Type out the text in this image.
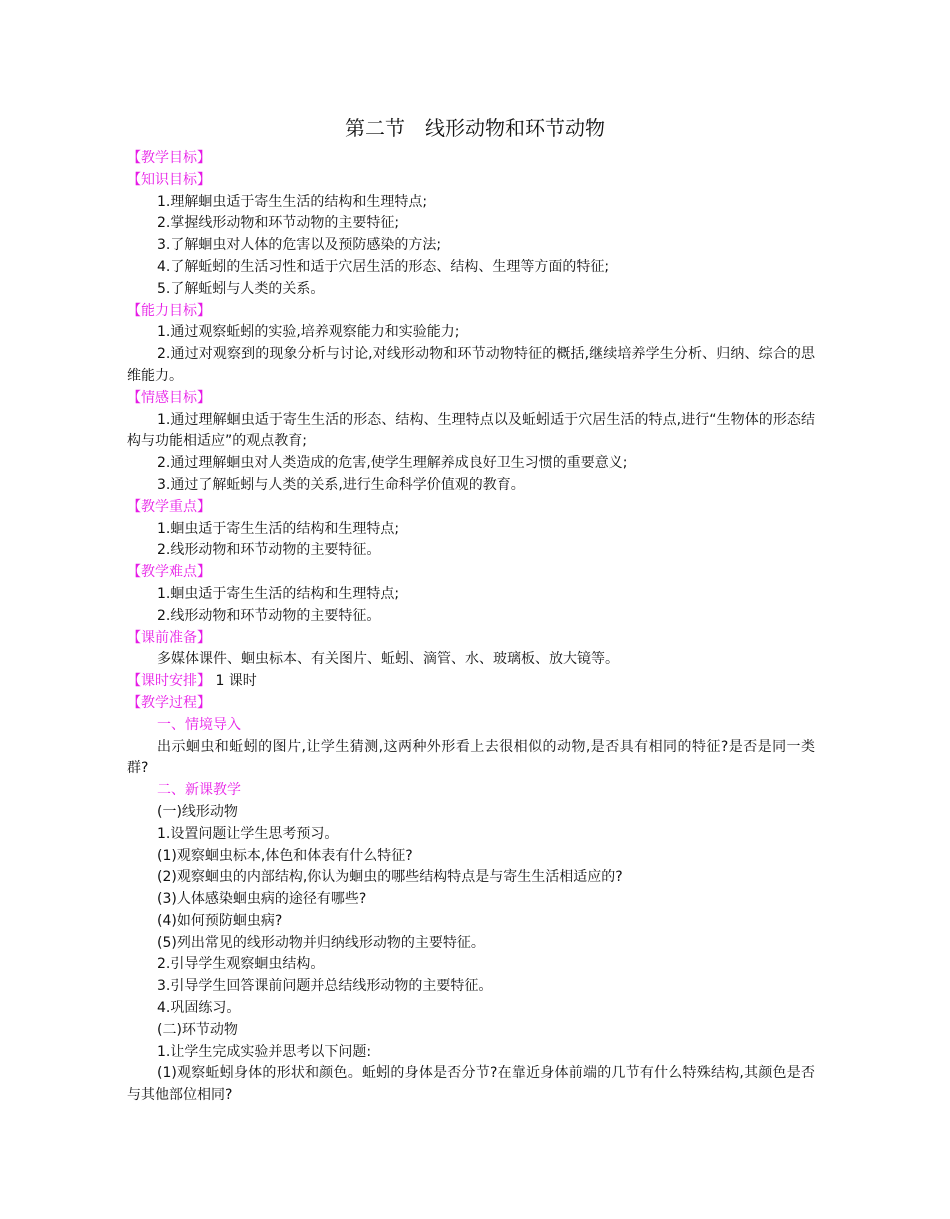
第二节　线形动物和环节动物

【教学目标】

【知识目标】

1.理解蛔虫适于寄生生活的结构和生理特点;

2.掌握线形动物和环节动物的主要特征;

3.了解蛔虫对人体的危害以及预防感染的方法;

4.了解蚯蚓的生活习性和适于穴居生活的形态、结构、生理等方面的特征;

5.了解蚯蚓与人类的关系。

【能力目标】

1.通过观察蚯蚓的实验,培养观察能力和实验能力;

2.通过对观察到的现象分析与讨论,对线形动物和环节动物特征的概括,继续培养学生分析、归纳、综合的思维能力。

【情感目标】

1.通过理解蛔虫适于寄生生活的形态、结构、生理特点以及蚯蚓适于穴居生活的特点,进行“生物体的形态结构与功能相适应”的观点教育;

2.通过理解蛔虫对人类造成的危害,使学生理解养成良好卫生习惯的重要意义;

3.通过了解蚯蚓与人类的关系,进行生命科学价值观的教育。

【教学重点】

1.蛔虫适于寄生生活的结构和生理特点;

2.线形动物和环节动物的主要特征。

【教学难点】

1.蛔虫适于寄生生活的结构和生理特点;

2.线形动物和环节动物的主要特征。

【课前准备】

多媒体课件、蛔虫标本、有关图片、蚯蚓、滴管、水、玻璃板、放大镜等。

【课时安排】 1 课时

【教学过程】

一、情境导入

出示蛔虫和蚯蚓的图片,让学生猜测,这两种外形看上去很相似的动物,是否具有相同的特征?是否是同一类群?

二、新课教学

(一)线形动物

1.设置问题让学生思考预习。

(1)观察蛔虫标本,体色和体表有什么特征?

(2)观察蛔虫的内部结构,你认为蛔虫的哪些结构特点是与寄生生活相适应的?

(3)人体感染蛔虫病的途径有哪些?

(4)如何预防蛔虫病?

(5)列出常见的线形动物并归纳线形动物的主要特征。

2.引导学生观察蛔虫结构。

3.引导学生回答课前问题并总结线形动物的主要特征。

4.巩固练习。

(二)环节动物

1.让学生完成实验并思考以下问题:

(1)观察蚯蚓身体的形状和颜色。蚯蚓的身体是否分节?在靠近身体前端的几节有什么特殊结构,其颜色是否与其他部位相同?
